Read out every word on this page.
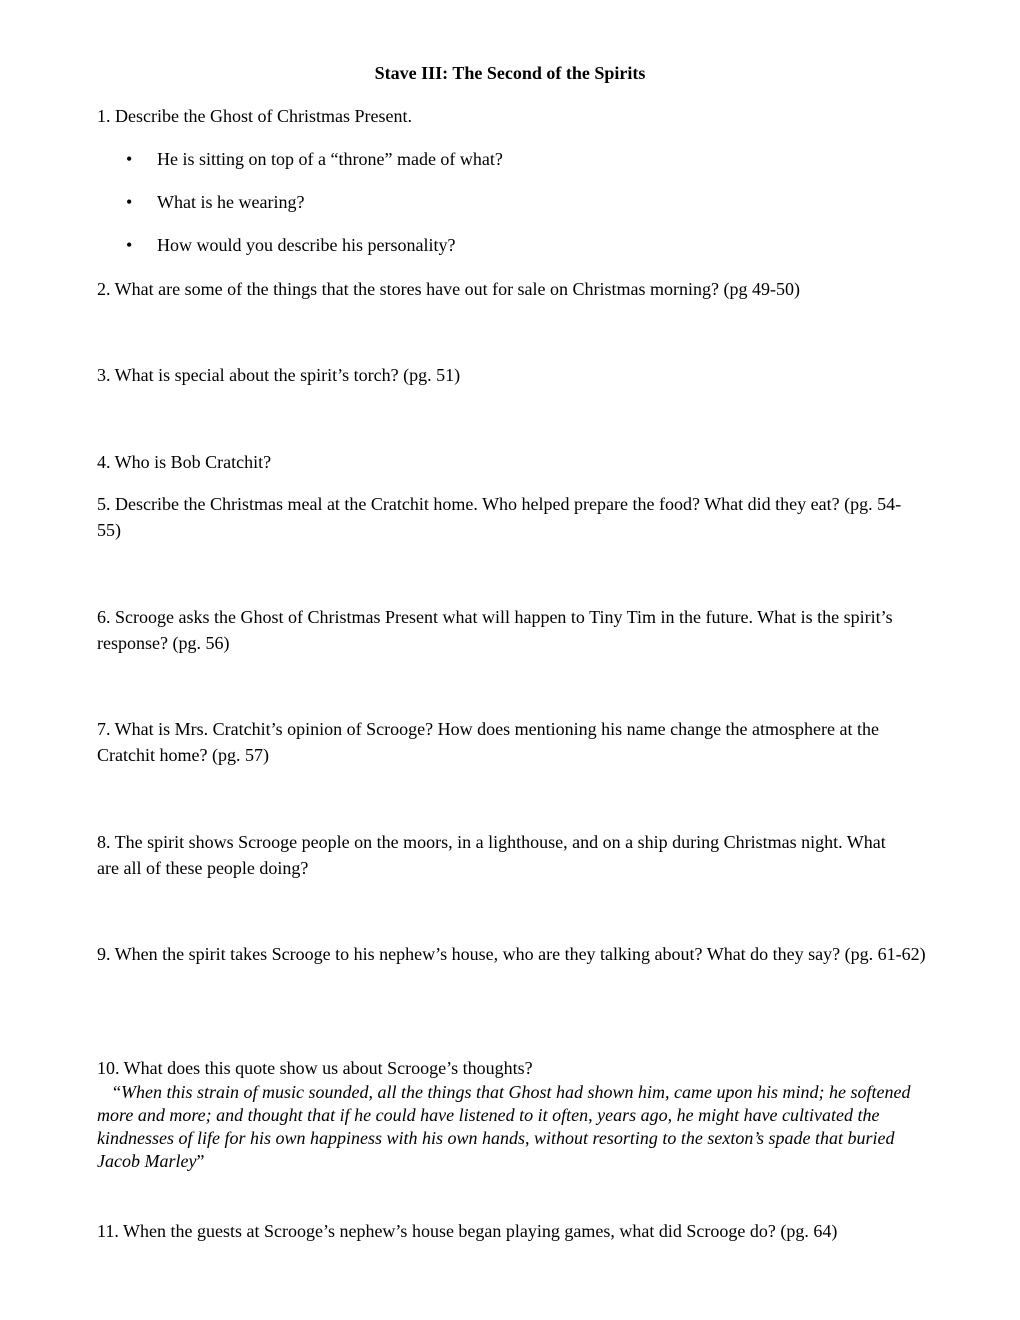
Stave III: The Second of the Spirits
1. Describe the Ghost of Christmas Present.
• He is sitting on top of a “throne” made of what?
• What is he wearing?
• How would you describe his personality?
2. What are some of the things that the stores have out for sale on Christmas morning? (pg 49-50)
3. What is special about the spirit’s torch? (pg. 51)
4. Who is Bob Cratchit?
5. Describe the Christmas meal at the Cratchit home. Who helped prepare the food? What did they eat? (pg. 54-55)
6. Scrooge asks the Ghost of Christmas Present what will happen to Tiny Tim in the future. What is the spirit’s response? (pg. 56)
7. What is Mrs. Cratchit’s opinion of Scrooge? How does mentioning his name change the atmosphere at the Cratchit home? (pg. 57)
8. The spirit shows Scrooge people on the moors, in a lighthouse, and on a ship during Christmas night. What are all of these people doing?
9. When the spirit takes Scrooge to his nephew’s house, who are they talking about? What do they say? (pg. 61-62)
10. What does this quote show us about Scrooge’s thoughts?
“When this strain of music sounded, all the things that Ghost had shown him, came upon his mind; he softened more and more; and thought that if he could have listened to it often, years ago, he might have cultivated the kindnesses of life for his own happiness with his own hands, without resorting to the sexton’s spade that buried Jacob Marley”
11. When the guests at Scrooge’s nephew’s house began playing games, what did Scrooge do? (pg. 64)
